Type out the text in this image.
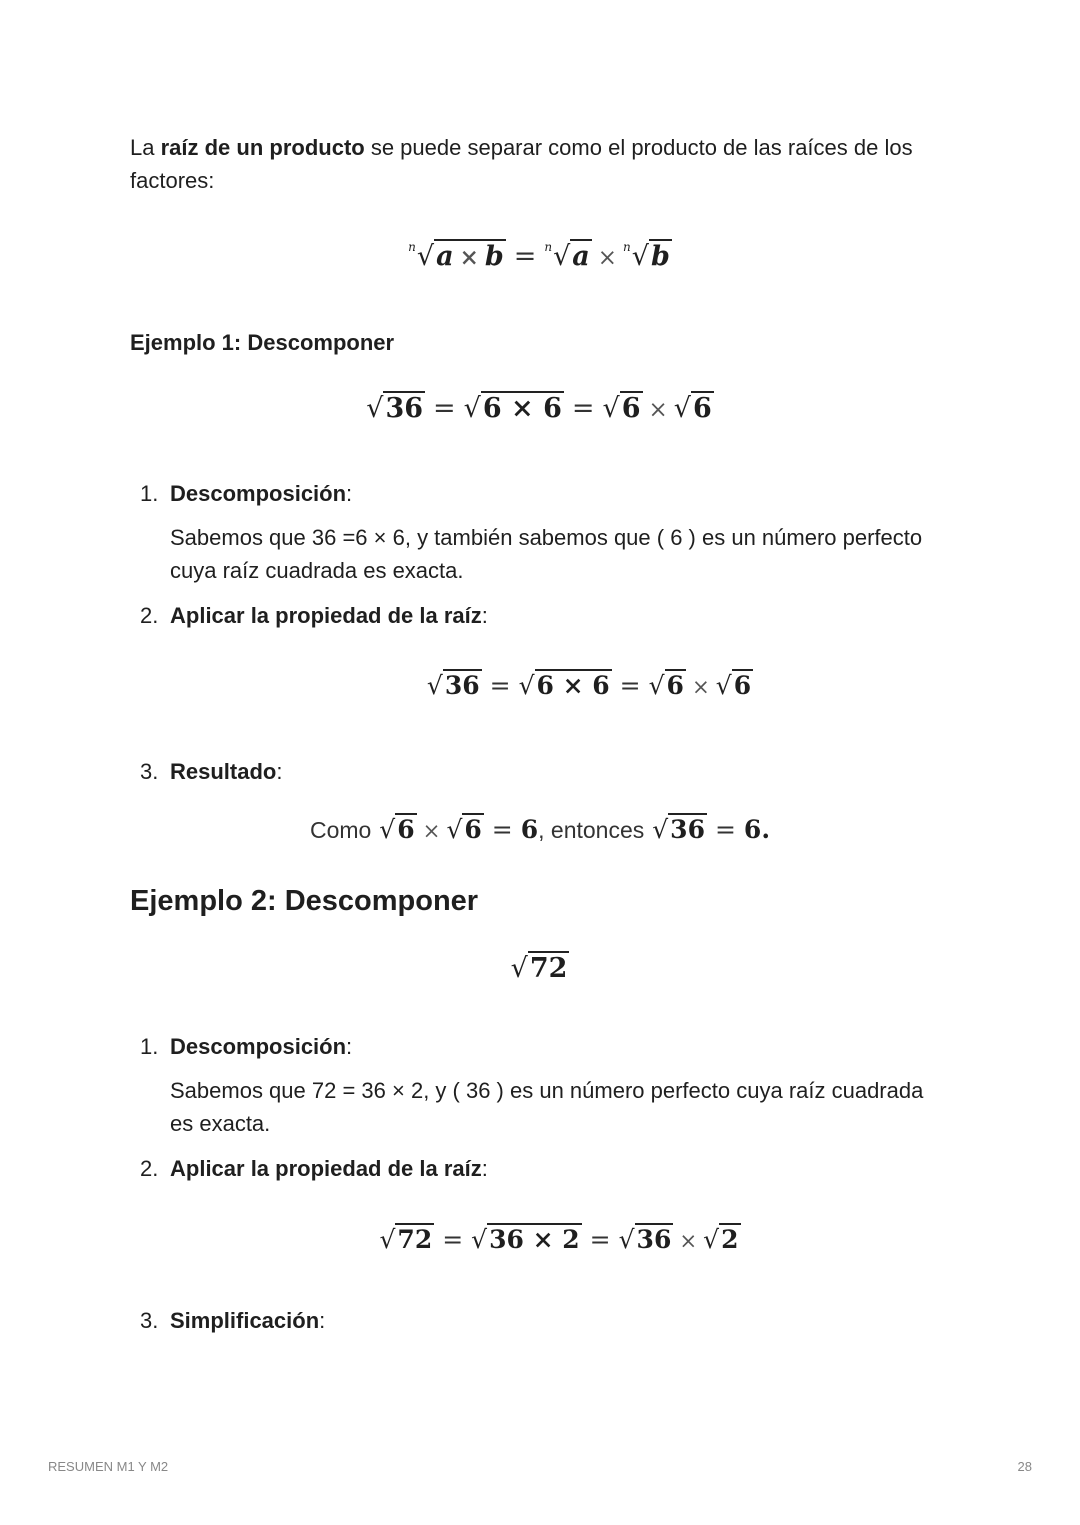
La raíz de un producto se puede separar como el producto de las raíces de los factores:

n√a × b = n√a × n√b
Ejemplo 1: Descomponer
√36 = √6 × 6 = √6 × √6
1. Descomposición:
Sabemos que 36 =6 × 6, y también sabemos que ( 6 ) es un número perfecto cuya raíz cuadrada es exacta.
2. Aplicar la propiedad de la raíz:
√36 = √6 × 6 = √6 × √6
3. Resultado:
Como √6 × √6 = 6, entonces √36 = 6.
Ejemplo 2: Descomponer
√72
1. Descomposición:
Sabemos que 72 = 36 × 2, y ( 36 ) es un número perfecto cuya raíz cuadrada es exacta.
2. Aplicar la propiedad de la raíz:
√72 = √36 × 2 = √36 × √2
3. Simplificación:
RESUMEN M1 Y M2	28
